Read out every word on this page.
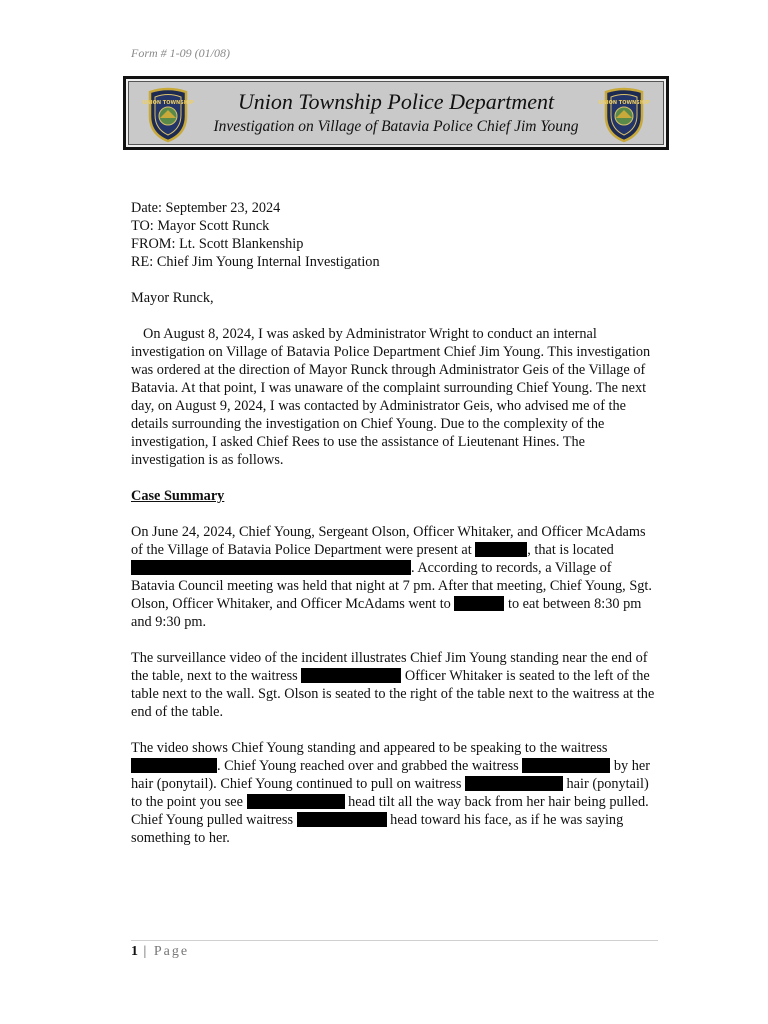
Form # 1-09 (01/08)
UNION TOWNSHIP	Union Township Police Department
Investigation on Village of Batavia Police Chief Jim Young
UNION TOWNSHIP
Date: September 23, 2024
TO: Mayor Scott Runck
FROM: Lt. Scott Blankenship
RE: Chief Jim Young Internal Investigation

Mayor Runck,

On August 8, 2024, I was asked by Administrator Wright to conduct an internal investigation on Village of Batavia Police Department Chief Jim Young. This investigation was ordered at the direction of Mayor Runck through Administrator Geis of the Village of Batavia. At that point, I was unaware of the complaint surrounding Chief Young. The next day, on August 9, 2024, I was contacted by Administrator Geis, who advised me of the details surrounding the investigation on Chief Young. Due to the complexity of the investigation, I asked Chief Rees to use the assistance of Lieutenant Hines. The investigation is as follows.

Case Summary

On June 24, 2024, Chief Young, Sergeant Olson, Officer Whitaker, and Officer McAdams of the Village of Batavia Police Department were present at	, that is located . According to records, a Village of Batavia Council meeting was held that night at 7 pm. After that meeting, Chief Young, Sgt. Olson, Officer Whitaker, and Officer McAdams went to	to eat between 8:30 pm and 9:30 pm.

The surveillance video of the incident illustrates Chief Jim Young standing near the end of the table, next to the waitress	Officer Whitaker is seated to the left of the table next to the wall. Sgt. Olson is seated to the right of the table next to the waitress at the end of the table.

The video shows Chief Young standing and appeared to be speaking to the waitress . Chief Young reached over and grabbed the waitress	by her hair (ponytail). Chief Young continued to pull on waitress	hair (ponytail) to the point you see	head tilt all the way back from her hair being pulled. Chief Young pulled waitress	head toward his face, as if he was saying something to her.

1 | Page
